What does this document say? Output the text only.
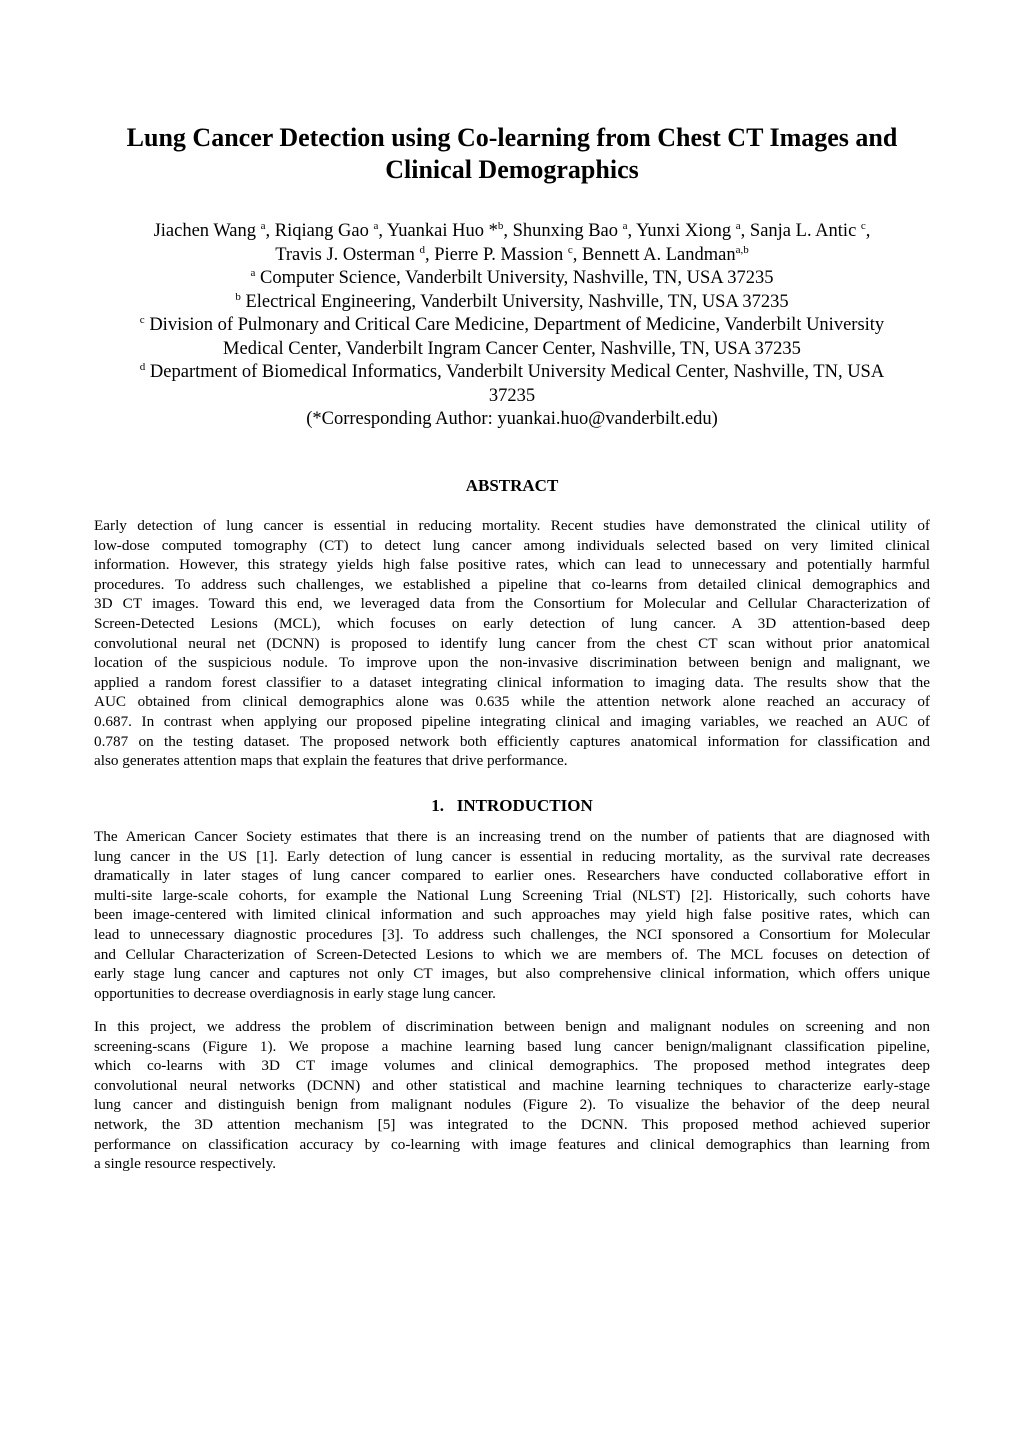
Lung Cancer Detection using Co-learning from Chest CT Images and
Clinical Demographics
Jiachen Wang $^a$, Riqiang Gao $^a$, Yuankai Huo *$^b$, Shunxing Bao $^a$, Yunxi Xiong $^a$, Sanja L. Antic $^c$,
Travis J. Osterman $^d$, Pierre P. Massion $^c$, Bennett A. Landman$^{a,b}$
$^a$ Computer Science, Vanderbilt University, Nashville, TN, USA 37235
$^b$ Electrical Engineering, Vanderbilt University, Nashville, TN, USA 37235
$^c$ Division of Pulmonary and Critical Care Medicine, Department of Medicine, Vanderbilt University
Medical Center, Vanderbilt Ingram Cancer Center, Nashville, TN, USA 37235
$^d$ Department of Biomedical Informatics, Vanderbilt University Medical Center, Nashville, TN, USA
37235
(*Corresponding Author: yuankai.huo@vanderbilt.edu)
ABSTRACT
Early detection of lung cancer is essential in reducing mortality. Recent studies have demonstrated the clinical utility of
low-dose computed tomography (CT) to detect lung cancer among individuals selected based on very limited clinical
information. However, this strategy yields high false positive rates, which can lead to unnecessary and potentially harmful
procedures. To address such challenges, we established a pipeline that co-learns from detailed clinical demographics and
3D CT images. Toward this end, we leveraged data from the Consortium for Molecular and Cellular Characterization of
Screen-Detected Lesions (MCL), which focuses on early detection of lung cancer. A 3D attention-based deep
convolutional neural net (DCNN) is proposed to identify lung cancer from the chest CT scan without prior anatomical
location of the suspicious nodule. To improve upon the non-invasive discrimination between benign and malignant, we
applied a random forest classifier to a dataset integrating clinical information to imaging data. The results show that the
AUC obtained from clinical demographics alone was 0.635 while the attention network alone reached an accuracy of
0.687. In contrast when applying our proposed pipeline integrating clinical and imaging variables, we reached an AUC of
0.787 on the testing dataset. The proposed network both efficiently captures anatomical information for classification and
also generates attention maps that explain the features that drive performance.
1.   INTRODUCTION
The American Cancer Society estimates that there is an increasing trend on the number of patients that are diagnosed with
lung cancer in the US [1]. Early detection of lung cancer is essential in reducing mortality, as the survival rate decreases
dramatically in later stages of lung cancer compared to earlier ones. Researchers have conducted collaborative effort in
multi-site large-scale cohorts, for example the National Lung Screening Trial (NLST) [2]. Historically, such cohorts have
been image-centered with limited clinical information and such approaches may yield high false positive rates, which can
lead to unnecessary diagnostic procedures [3]. To address such challenges, the NCI sponsored a Consortium for Molecular
and Cellular Characterization of Screen-Detected Lesions to which we are members of. The MCL focuses on detection of
early stage lung cancer and captures not only CT images, but also comprehensive clinical information, which offers unique
opportunities to decrease overdiagnosis in early stage lung cancer.
In this project, we address the problem of discrimination between benign and malignant nodules on screening and non
screening-scans (Figure 1). We propose a machine learning based lung cancer benign/malignant classification pipeline,
which co-learns with 3D CT image volumes and clinical demographics. The proposed method integrates deep
convolutional neural networks (DCNN) and other statistical and machine learning techniques to characterize early-stage
lung cancer and distinguish benign from malignant nodules (Figure 2). To visualize the behavior of the deep neural
network, the 3D attention mechanism [5] was integrated to the DCNN. This proposed method achieved superior
performance on classification accuracy by co-learning with image features and clinical demographics than learning from
a single resource respectively.
